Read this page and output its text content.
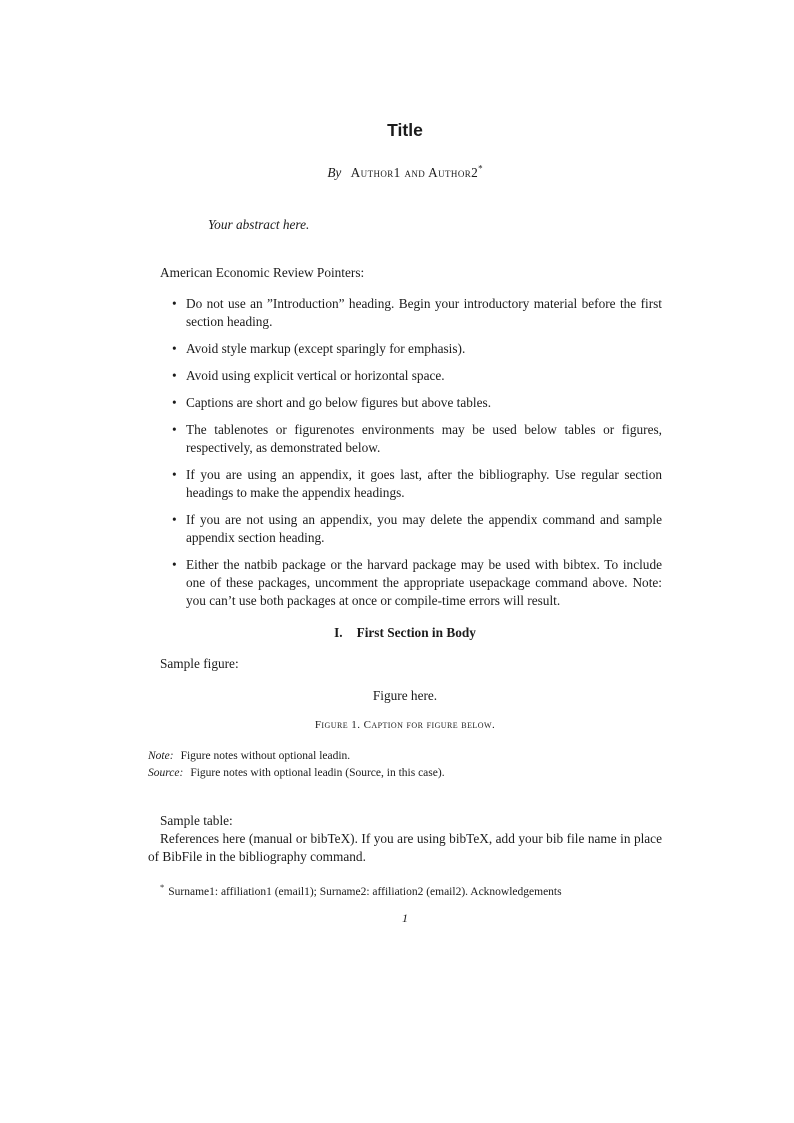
Title
By Author1 and Author2*
Your abstract here.

American Economic Review Pointers:

• Do not use an ”Introduction” heading. Begin your introductory material before the first section heading.
• Avoid style markup (except sparingly for emphasis).
• Avoid using explicit vertical or horizontal space.
• Captions are short and go below figures but above tables.
• The tablenotes or figurenotes environments may be used below tables or figures, respectively, as demonstrated below.
• If you are using an appendix, it goes last, after the bibliography. Use regular section headings to make the appendix headings.
• If you are not using an appendix, you may delete the appendix command and sample appendix section heading.
• Either the natbib package or the harvard package may be used with bibtex. To include one of these packages, uncomment the appropriate usepackage command above. Note: you can’t use both packages at once or compile-time errors will result.
I. First Section in Body

Sample figure:

Figure here.
Figure 1. Caption for figure below.

Note: Figure notes without optional leadin.

Source: Figure notes with optional leadin (Source, in this case).

Sample table:

References here (manual or bibTeX). If you are using bibTeX, add your bib file name in place of BibFile in the bibliography command.

* Surname1: affiliation1 (email1); Surname2: affiliation2 (email2). Acknowledgements
1
